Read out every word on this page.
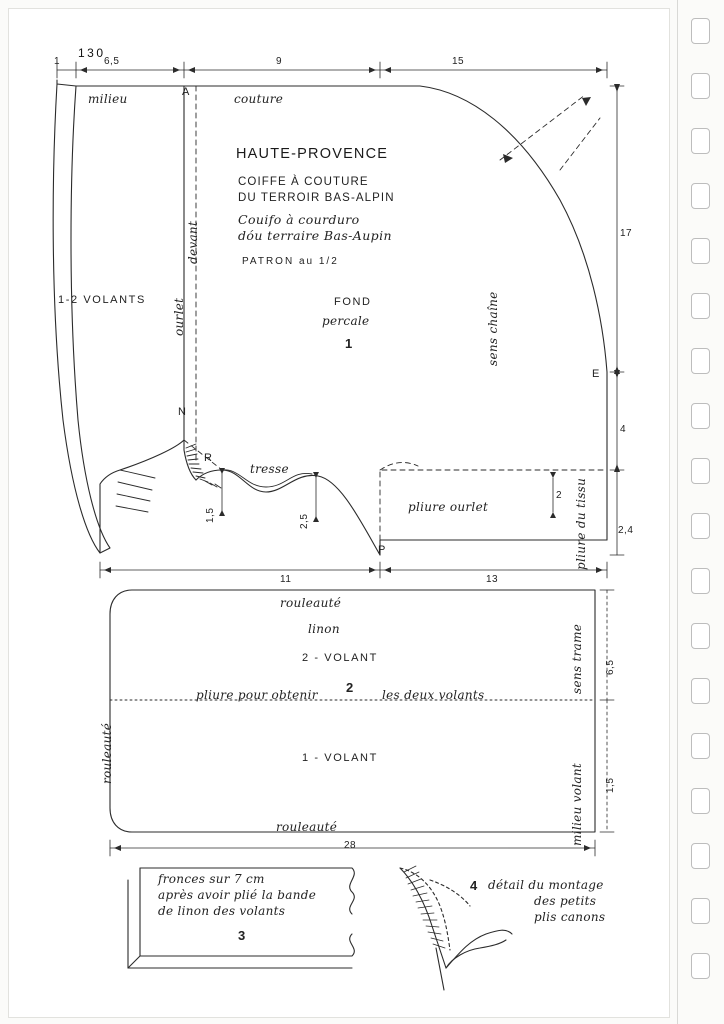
130
1	6,5	9	15
17
4
2,4
2
1,5	2,5
11	13
milieu	couture
A
N
R
P
E
devant
ourlet	sens chaîne
pliure du tissu
1-2 VOLANTS
tresse
pliure ourlet
FOND
percale
1
HAUTE-PROVENCE
COIFFE À COUTURE
DU TERROIR BAS-ALPIN
Couifo à courduro
dóu terraire Bas-Aupin
PATRON au 1/2
rouleauté
linon
2 - VOLANT
2
pliure pour obtenir	les deux volants
1 - VOLANT
rouleauté
rouleauté
sens trame
milieu volant
6,5
1,5
28
fronces sur 7 cm
après avoir plié la bande
de linon des volants
3
4 détail du montage
des petits
plis canons
